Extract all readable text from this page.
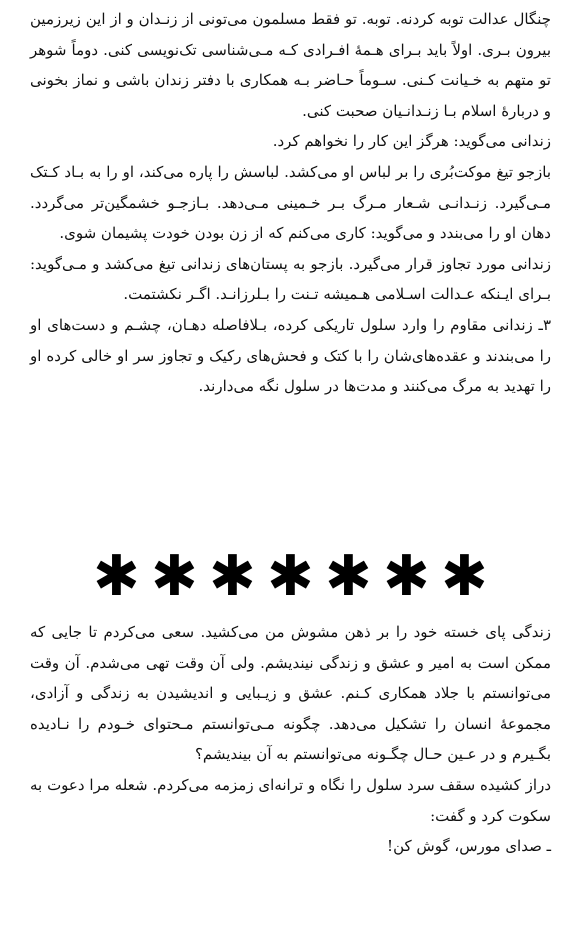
چنگال عدالت توبه کردنه. توبه. تو فقط مسلمون می‌تونی از زنـدان و از این زیرزمین بیرون بـری. اولاً باید بـرای هـمهٔ افـرادی کـه مـی‌شناسی تک‌نویسی کنی. دوماً شوهر تو متهم به خـیانت کـنی. سـوماً حـاضر بـه همکاری با دفتر زندان باشی و نماز بخونی و دربارهٔ اسلام بـا زنـدانـیان صحبت کنی.

زندانی می‌گوید: هرگز این کار را نخواهم کرد.

بازجو تیغ موکت‌بُری را بر لباس او می‌کشد. لباسش را پاره می‌کند، او را به بـاد کـتک مـی‌گیرد. زنـدانـی شـعار مـرگ بـر خـمینی مـی‌دهد. بـازجـو خشمگین‌تر می‌گردد. دهان او را می‌بندد و می‌گوید: کاری می‌کنم که از زن بودن خودت پشیمان شوی.

زندانی مورد تجاوز قرار می‌گیرد. بازجو به پستان‌های زندانی تیغ می‌کشد و مـی‌گوید: بـرای ایـنکه عـدالت اسـلامی هـمیشه تـنت را بـلرزانـد. اگـر نکشتمت.

۳ـ زندانی مقاوم را وارد سلول تاریکی کرده، بـلافاصله دهـان، چشـم و دست‌های او را می‌بندند و عقده‌های‌شان را با کتک و فحش‌های رکیک و تجاوز سر او خالی کرده او را تهدید به مرگ می‌کنند و مدت‌ها در سلول نگه می‌دارند.

✱ ✱ ✱ ✱ ✱ ✱ ✱

زندگی پای خسته خود را بر ذهن مشوش من می‌کشید. سعی می‌کردم تا جایی که ممکن است به امیر و عشق و زندگی نیندیشم. ولی آن وقت تهی می‌شدم. آن وقت می‌توانستم با جلاد همکاری کـنم. عشق و زیـبایی و اندیشیدن به زندگی و آزادی، مجموعهٔ انسان را تشکیل می‌دهد. چگونه مـی‌توانستم مـحتوای خـودم را نـادیده بگـیرم و در عـین حـال چگـونه می‌توانستم به آن بیندیشم؟

دراز کشیده سقف سرد سلول را نگاه و ترانه‌ای زمزمه می‌کردم. شعله مرا دعوت به سکوت کرد و گفت:

ـ صدای مورس، گوش کن!
